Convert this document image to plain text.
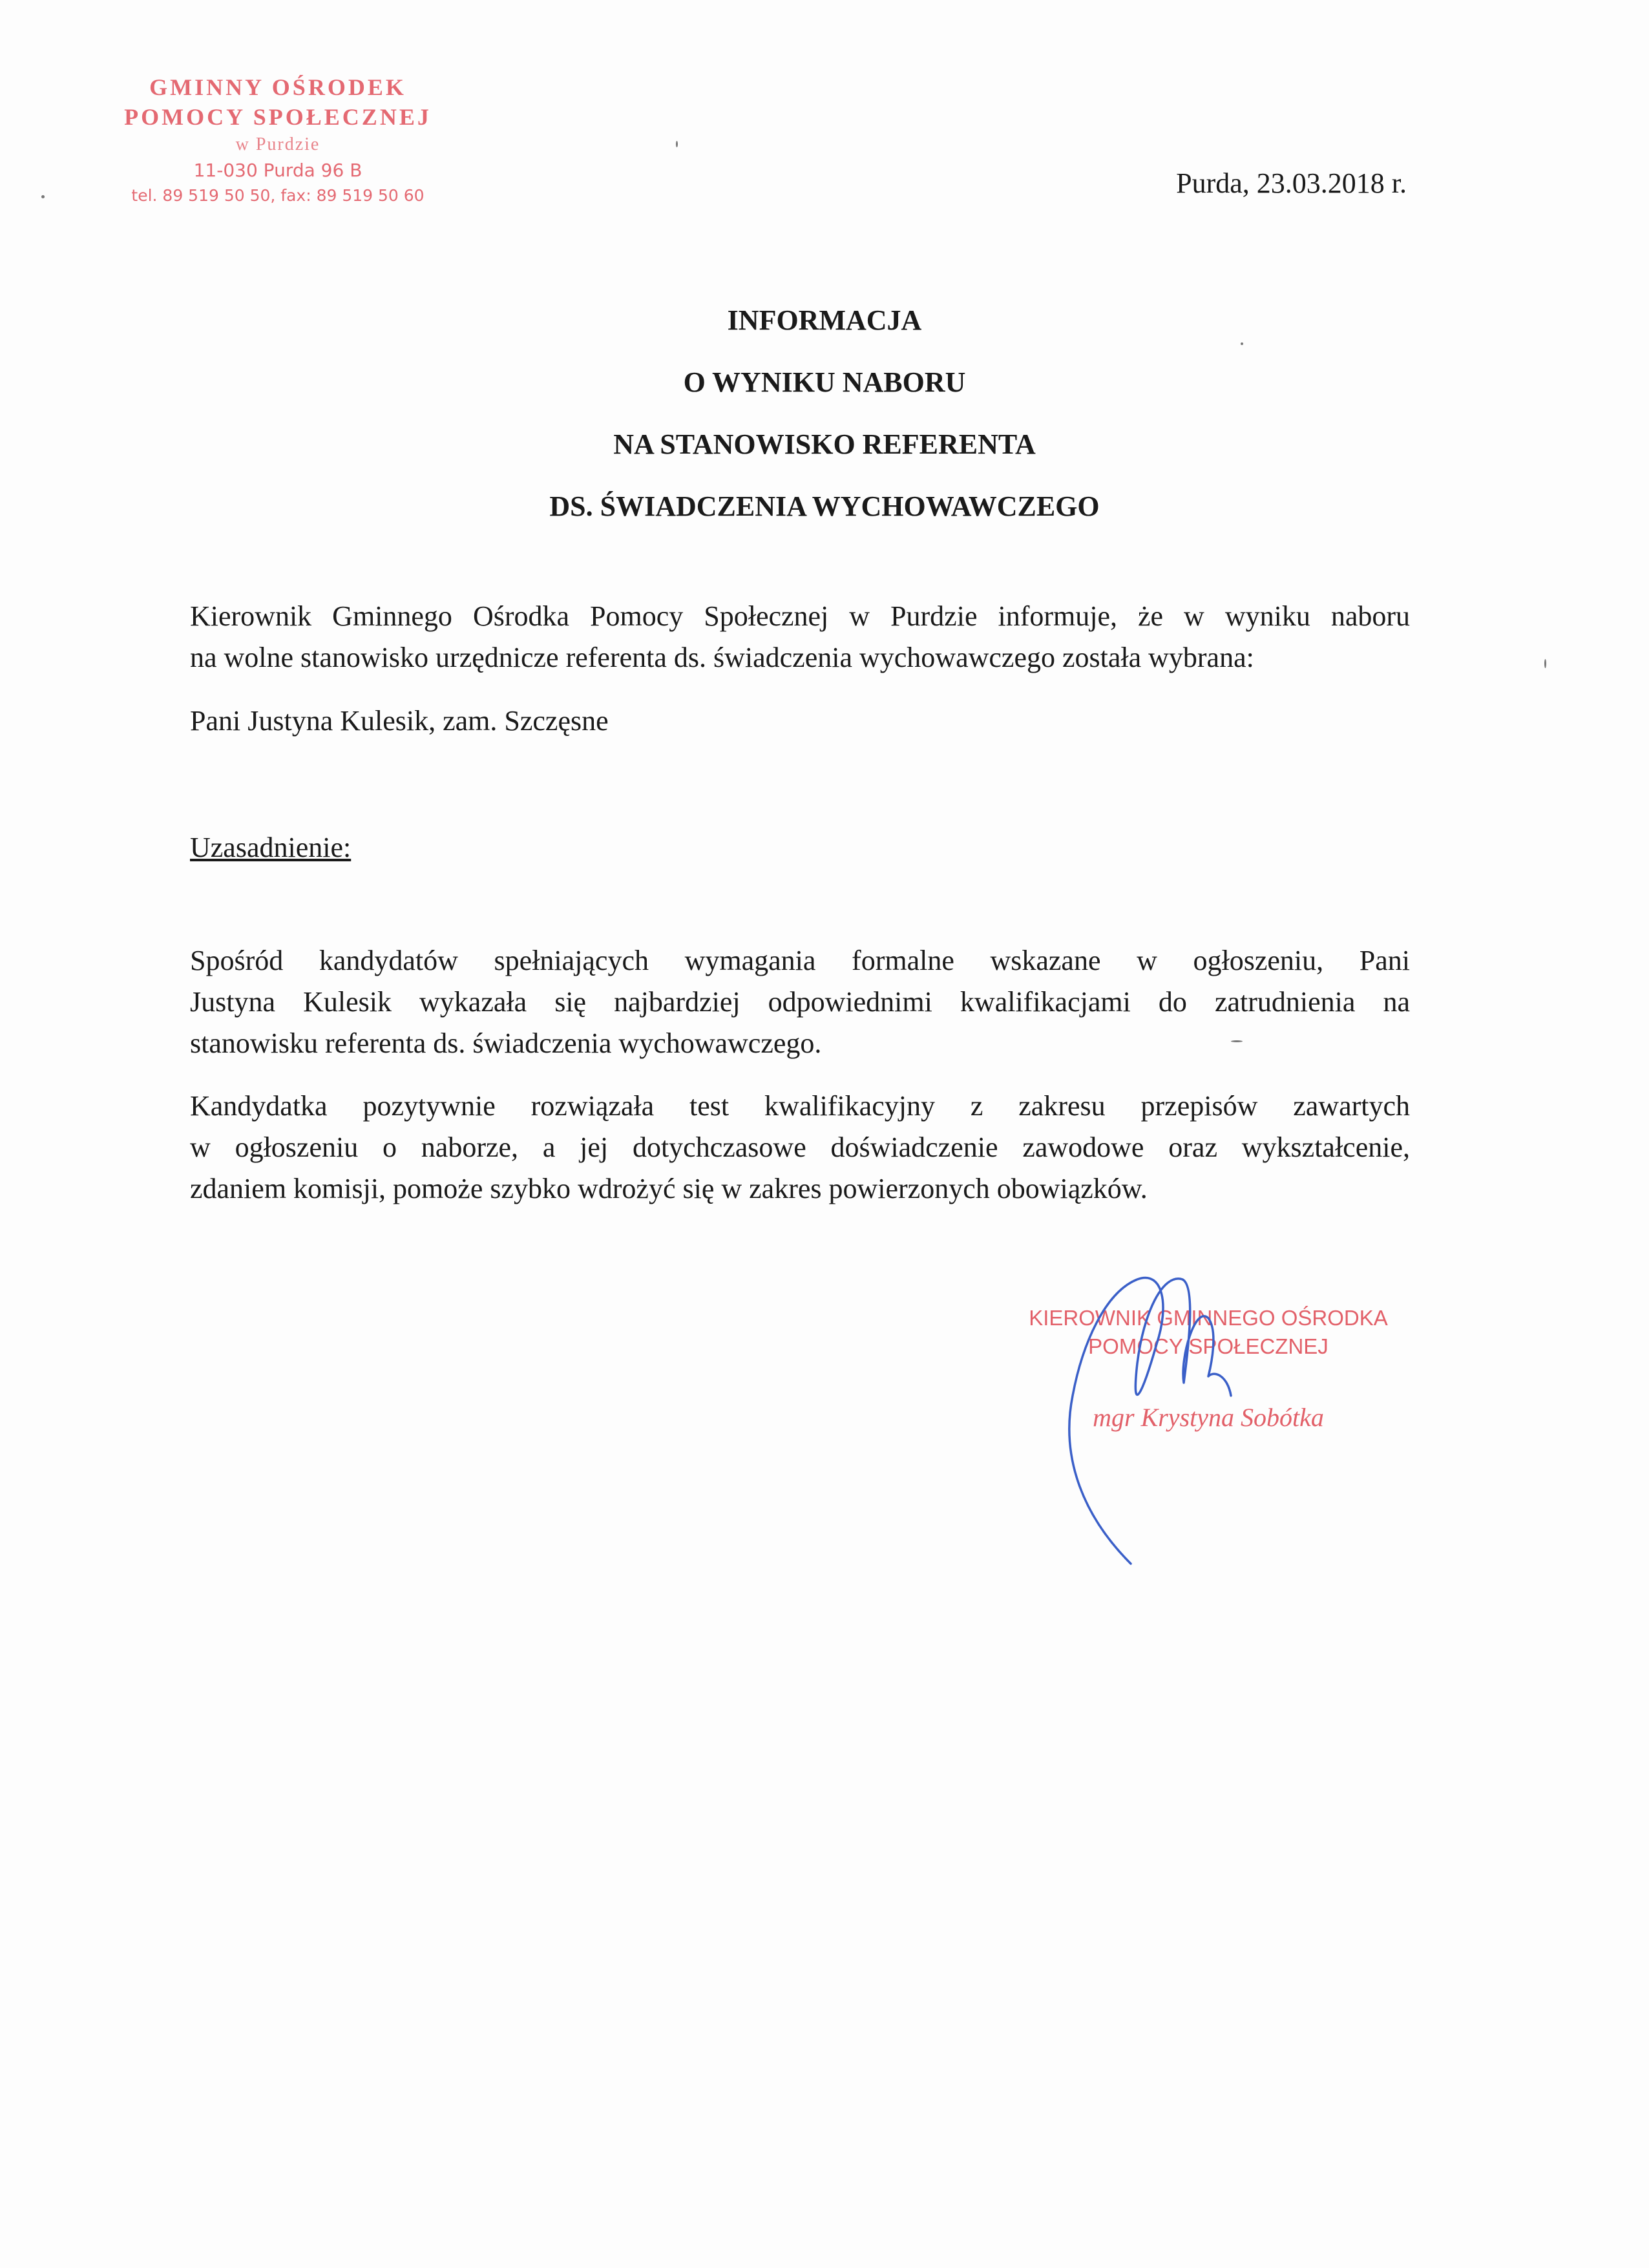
GMINNY OŚRODEK
POMOCY SPOŁECZNEJ
w Purdzie
11-030 Purda 96 B
tel. 89 519 50 50, fax: 89 519 50 60	Purda, 23.03.2018 r.
INFORMACJA
O WYNIKU NABORU
NA STANOWISKO REFERENTA
DS. ŚWIADCZENIA WYCHOWAWCZEGO
Kierownik Gminnego Ośrodka Pomocy Społecznej w Purdzie informuje, że w wyniku naboru
na wolne stanowisko urzędnicze referenta ds. świadczenia wychowawczego została wybrana:
Pani Justyna Kulesik, zam. Szczęsne
Uzasadnienie:
Spośród kandydatów spełniających wymagania formalne wskazane w ogłoszeniu, Pani
Justyna Kulesik wykazała się najbardziej odpowiednimi kwalifikacjami do zatrudnienia na
stanowisku referenta ds. świadczenia wychowawczego.
Kandydatka pozytywnie rozwiązała test kwalifikacyjny z zakresu przepisów zawartych
w ogłoszeniu o naborze, a jej dotychczasowe doświadczenie zawodowe oraz wykształcenie,
zdaniem komisji, pomoże szybko wdrożyć się w zakres powierzonych obowiązków.
KIEROWNIK GMINNEGO OŚRODKA
POMOCY SPOŁECZNEJ
mgr Krystyna Sobótka
